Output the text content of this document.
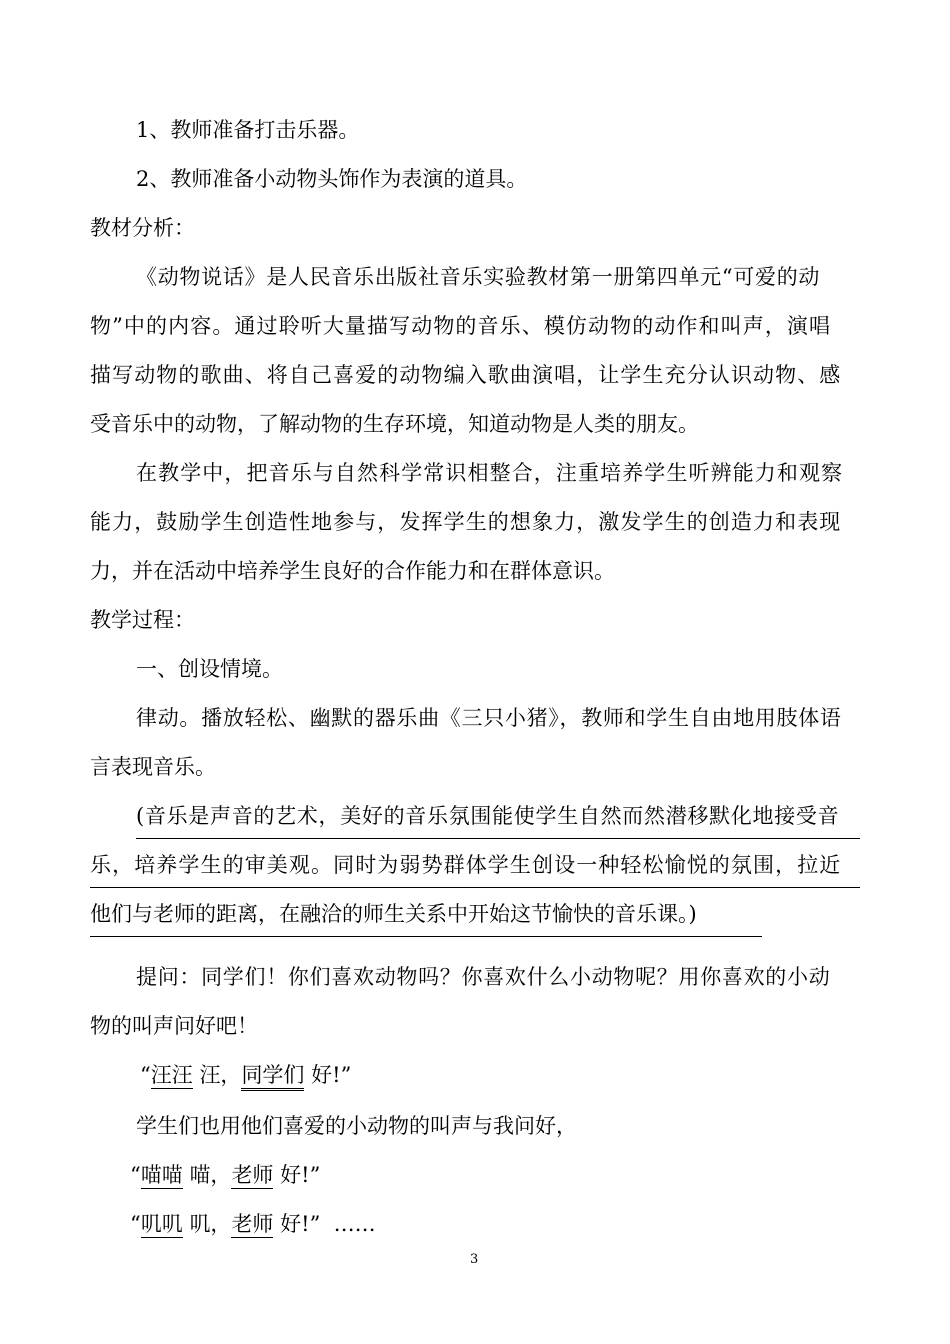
1、教师准备打击乐器。
2、教师准备小动物头饰作为表演的道具。
教材分析：
《动物说话》是人民音乐出版社音乐实验教材第一册第四单元“可爱的动
物”中的内容。通过聆听大量描写动物的音乐、模仿动物的动作和叫声，演唱
描写动物的歌曲、将自己喜爱的动物编入歌曲演唱，让学生充分认识动物、感
受音乐中的动物，了解动物的生存环境，知道动物是人类的朋友。
在教学中，把音乐与自然科学常识相整合，注重培养学生听辨能力和观察
能力，鼓励学生创造性地参与，发挥学生的想象力，激发学生的创造力和表现
力，并在活动中培养学生良好的合作能力和在群体意识。
教学过程：
一、创设情境。
律动。播放轻松、幽默的器乐曲《三只小猪》，教师和学生自由地用肢体语
言表现音乐。
(音乐是声音的艺术，美好的音乐氛围能使学生自然而然潜移默化地接受音
乐，培养学生的审美观。同时为弱势群体学生创设一种轻松愉悦的氛围，拉近
他们与老师的距离，在融洽的师生关系中开始这节愉快的音乐课。)
提问：同学们！你们喜欢动物吗？你喜欢什么小动物呢？用你喜欢的小动
物的叫声问好吧！
“汪汪 汪，同学们 好!”
学生们也用他们喜爱的小动物的叫声与我问好，
“喵喵 喵，老师 好!”
“叽叽 叽，老师 好!” ……
3
